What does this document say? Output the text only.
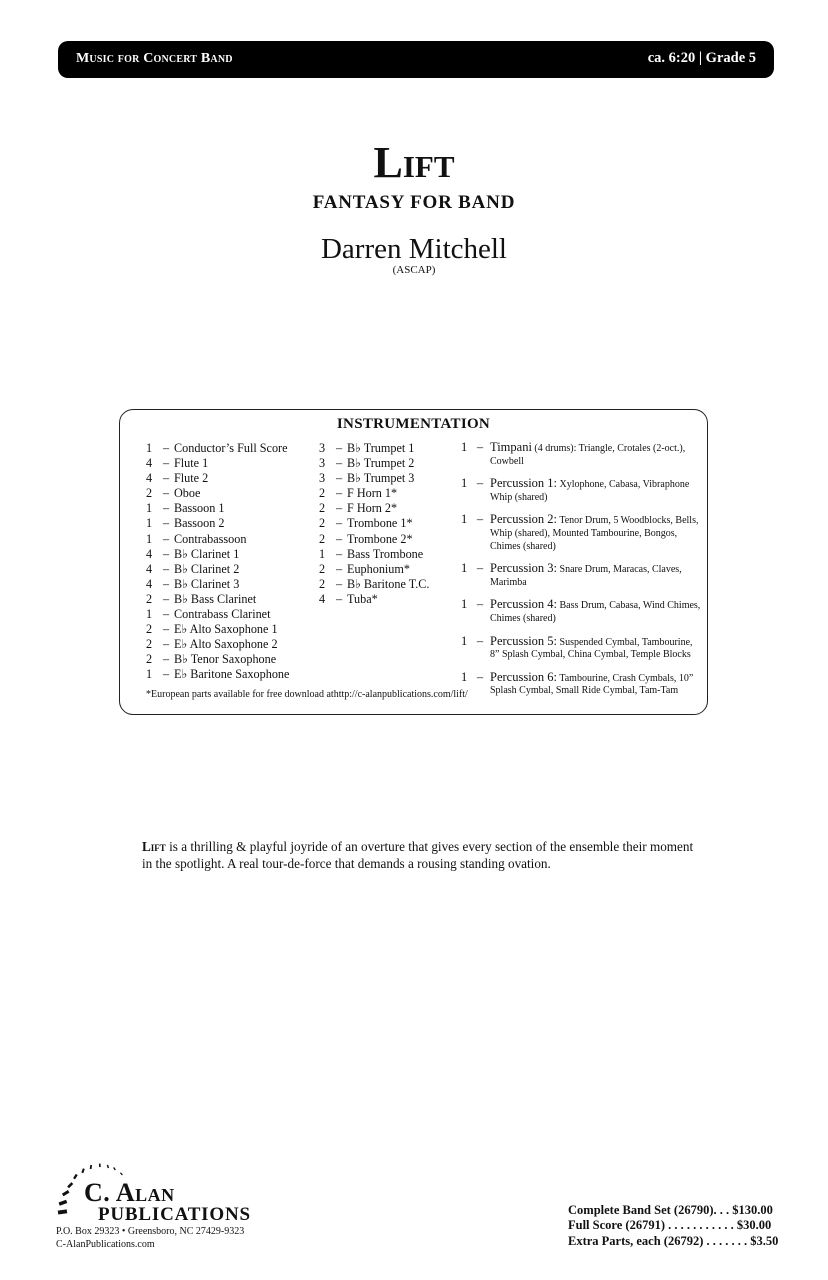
Music for Concert Band	ca. 6:20 | Grade 5
Lift
FANTASY FOR BAND
Darren Mitchell
(ASCAP)
INSTRUMENTATION
1 – Conductor’s Full Score
4 – Flute 1
4 – Flute 2
2 – Oboe
1 – Bassoon 1
1 – Bassoon 2
1 – Contrabassoon
4 – B♭ Clarinet 1
4 – B♭ Clarinet 2
4 – B♭ Clarinet 3
2 – B♭ Bass Clarinet
1 – Contrabass Clarinet
2 – E♭ Alto Saxophone 1
2 – E♭ Alto Saxophone 2
2 – B♭ Tenor Saxophone
1 – E♭ Baritone Saxophone
3 – B♭ Trumpet 1
3 – B♭ Trumpet 2
3 – B♭ Trumpet 3
2 – F Horn 1*
2 – F Horn 2*
2 – Trombone 1*
2 – Trombone 2*
1 – Bass Trombone
2 – Euphonium*
2 – B♭ Baritone T.C.
4 – Tuba*
1 – Timpani (4 drums): Triangle, Crotales (2-oct.), Cowbell
1 – Percussion 1: Xylophone, Cabasa, Vibraphone Whip (shared)
1 – Percussion 2: Tenor Drum, 5 Woodblocks, Bells, Whip (shared), Mounted Tambourine, Bongos, Chimes (shared)
1 – Percussion 3: Snare Drum, Maracas, Claves, Marimba
1 – Percussion 4: Bass Drum, Cabasa, Wind Chimes, Chimes (shared)
1 – Percussion 5: Suspended Cymbal, Tambourine, 8” Splash Cymbal, China Cymbal, Temple Blocks
1 – Percussion 6: Tambourine, Crash Cymbals, 10” Splash Cymbal, Small Ride Cymbal, Tam-Tam
*European parts available for free download athttp://c-alanpublications.com/lift/
Lift is a thrilling & playful joyride of an overture that gives every section of the ensemble their moment in the spotlight. A real tour-de-force that demands a rousing standing ovation.
C. Alan
PUBLICATIONS
P.O. Box 29323 • Greensboro, NC 27429-9323
C-AlanPublications.com
Complete Band Set (26790). . . $130.00
Full Score (26791) . . . . . . . . . . . $30.00
Extra Parts, each (26792) . . . . . . . $3.50
